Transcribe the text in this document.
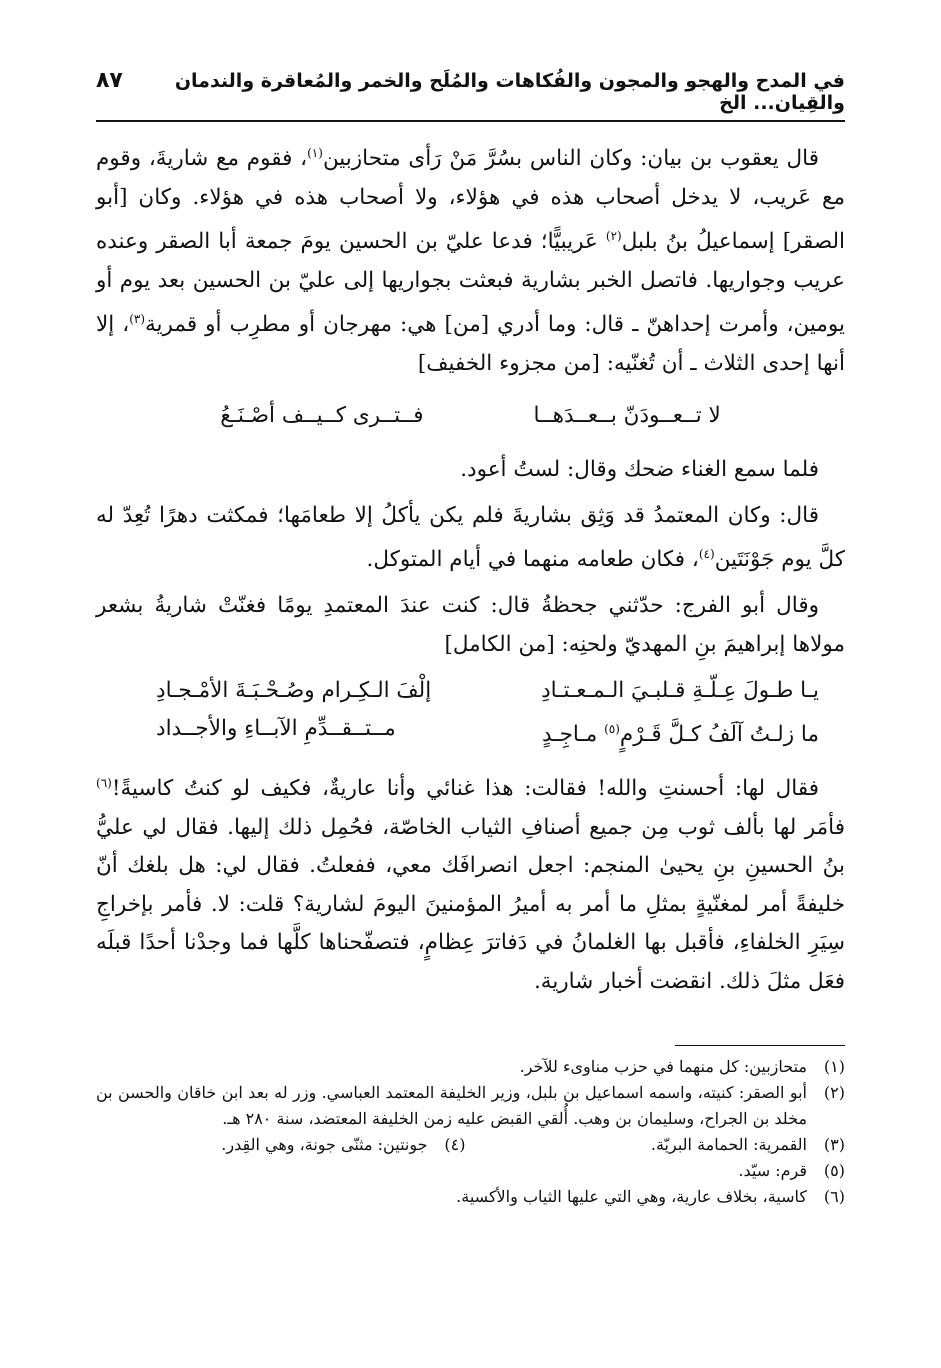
في المدح والهجو والمجون والفُكاهات والمُلَح والخمر والمُعاقرة والندمان والقِيان... الخ
٨٧

قال يعقوب بن بيان: وكان الناس بسُرَّ مَنْ رَأى متحازبين$^{(١)}$، فقوم مع شاريةَ، وقوم مع عَريب، لا يدخل أصحاب هذه في هؤلاء، ولا أصحاب هذه في هؤلاء. وكان [أبو الصقر] إسماعيلُ بنُ بلبل$^{(٢)}$ عَريبيًّا؛ فدعا عليّ بن الحسين يومَ جمعة أبا الصقر وعنده عريب وجواريها. فاتصل الخبر بشارية فبعثت بجواريها إلى عليّ بن الحسين بعد يوم أو يومين، وأمرت إحداهنّ ـ قال: وما أدري [من] هي: مهرجان أو مطرِب أو قمرية$^{(٣)}$، إلا أنها إحدى الثلاث ـ أن تُغنّيه: [من مجزوء الخفيف]

لا تــعــودَنّ بــعــدَهــا
فــتــرى كــيــف أصْـنَـعُ

فلما سمع الغناء ضحك وقال: لستُ أعود.

قال: وكان المعتمدُ قد وَثِق بشاريةَ فلم يكن يأكلُ إلا طعامَها؛ فمكثت دهرًا تُعِدّ له كلَّ يوم جَوْنَتَين$^{(٤)}$، فكان طعامه منهما في أيام المتوكل.

وقال أبو الفرج: حدّثني جحظةُ قال: كنت عندَ المعتمدِ يومًا فغنّتْ شاريةُ بشعر مولاها إبراهيمَ بنِ المهديّ ولحنِه: [من الكامل]

يـا طـولَ عِـلّـةِ قـلبـيَ الـمـعـتـادِ
إلْفَ الـكِـرام وصُـحْـبَـةَ الأمْـجـادِ
ما زلـتُ آلَفُ كـلَّ قَـرْمٍ$^{(٥)}$ مـاجِـدٍ
مــتــقــدِّمِ الآبــاءِ والأجــداد

فقال لها: أحسنتِ والله! فقالت: هذا غنائي وأنا عاريةٌ، فكيف لو كنتُ كاسيةً!$^{(٦)}$ فأمَر لها بألف ثوب مِن جميع أصنافِ الثياب الخاصّة، فحُمِل ذلك إليها. فقال لي عليُّ بنُ الحسينِ بنِ يحيىٰ المنجم: اجعل انصرافَك معي، ففعلتُ. فقال لي: هل بلغك أنّ خليفةً أمر لمغنّيةٍ بمثلِ ما أمر به أميرُ المؤمنينَ اليومَ لشارية؟ قلت: لا. فأمر بإخراجِ سِيَرِ الخلفاءِ، فأقبل بها الغلمانُ في دَفاترَ عِظامٍ، فتصفّحناها كلَّها فما وجدْنا أحدًا قبلَه فعَل مثلَ ذلك. انقضت أخبار شارية.

(١)
متحازبين: كل منهما في حزب مناوىء للآخر.
(٢)
أبو الصقر: كنيته، واسمه اسماعيل بن بلبل، وزير الخليفة المعتمد العباسي. وزر له بعد ابن خاقان والحسن بن مخلد بن الجراح، وسليمان بن وهب. أُلقي القبض عليه زمن الخليفة المعتضد، سنة ٢٨٠ هـ.
(٣)
القمرية: الحمامة البريّة.
(٤)
جونتين: مثنّى جونة، وهي القِدر.
(٥)
قرم: سيّد.
(٦)
كاسية، بخلاف عارية، وهي التي عليها الثياب والأكسية.
